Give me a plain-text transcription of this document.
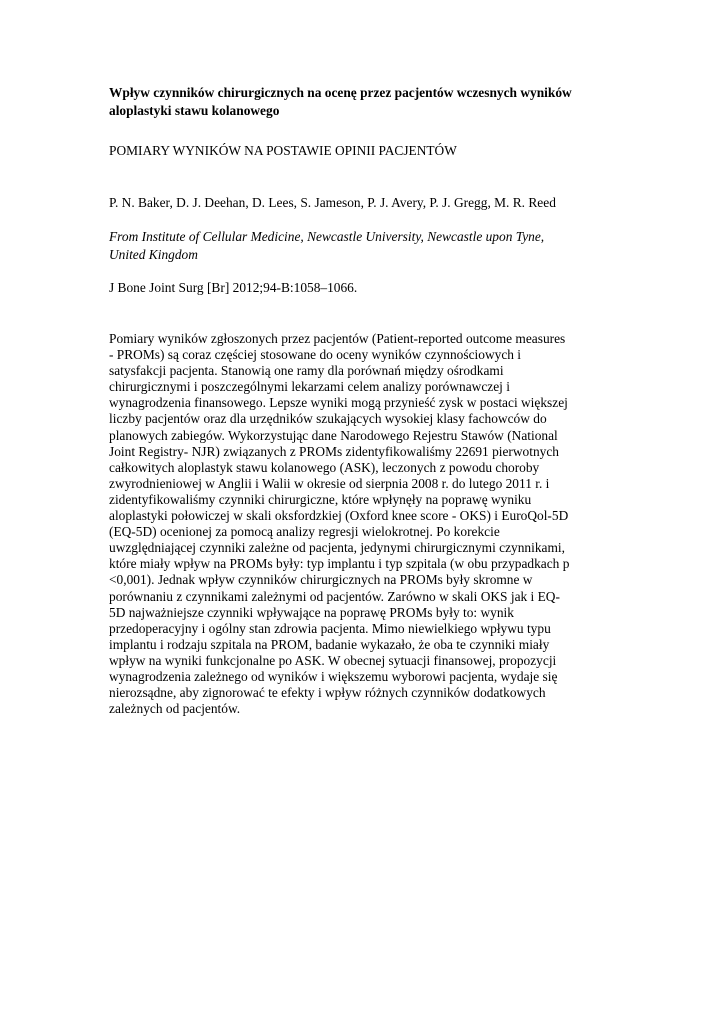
Wpływ czynników chirurgicznych na ocenę przez pacjentów wczesnych wyników
aloplastyki stawu kolanowego

POMIARY WYNIKÓW NA POSTAWIE OPINII PACJENTÓW

P. N. Baker, D. J. Deehan, D. Lees, S. Jameson, P. J. Avery, P. J. Gregg, M. R. Reed

From Institute of Cellular Medicine, Newcastle University, Newcastle upon Tyne,
United Kingdom

J Bone Joint Surg [Br] 2012;94-B:1058–1066.

Pomiary wyników zgłoszonych przez pacjentów (Patient-reported outcome measures
- PROMs) są coraz częściej stosowane do oceny wyników czynnościowych i
satysfakcji pacjenta. Stanowią one ramy dla porównań między ośrodkami
chirurgicznymi i poszczególnymi lekarzami celem analizy porównawczej i
wynagrodzenia finansowego. Lepsze wyniki mogą przynieść zysk w postaci większej
liczby pacjentów oraz dla urzędników szukających wysokiej klasy fachowców do
planowych zabiegów. Wykorzystując dane Narodowego Rejestru Stawów (National
Joint Registry- NJR) związanych z PROMs zidentyfikowaliśmy 22691 pierwotnych
całkowitych aloplastyk stawu kolanowego (ASK), leczonych z powodu choroby
zwyrodnieniowej w Anglii i Walii w okresie od sierpnia 2008 r. do lutego 2011 r. i
zidentyfikowaliśmy czynniki chirurgiczne, które wpłynęły na poprawę wyniku
aloplastyki połowiczej w skali oksfordzkiej (Oxford knee score - OKS) i EuroQol-5D
(EQ-5D) ocenionej za pomocą analizy regresji wielokrotnej. Po korekcie
uwzględniającej czynniki zależne od pacjenta, jedynymi chirurgicznymi czynnikami,
które miały wpływ na PROMs były: typ implantu i typ szpitala (w obu przypadkach p
<0,001). Jednak wpływ czynników chirurgicznych na PROMs były skromne w
porównaniu z czynnikami zależnymi od pacjentów. Zarówno w skali OKS jak i EQ-
5D najważniejsze czynniki wpływające na poprawę PROMs były to: wynik
przedoperacyjny i ogólny stan zdrowia pacjenta. Mimo niewielkiego wpływu typu
implantu i rodzaju szpitala na PROM, badanie wykazało, że oba te czynniki miały
wpływ na wyniki funkcjonalne po ASK. W obecnej sytuacji finansowej, propozycji
wynagrodzenia zależnego od wyników i większemu wyborowi pacjenta, wydaje się
nierozsądne, aby zignorować te efekty i wpływ różnych czynników dodatkowych
zależnych od pacjentów.
